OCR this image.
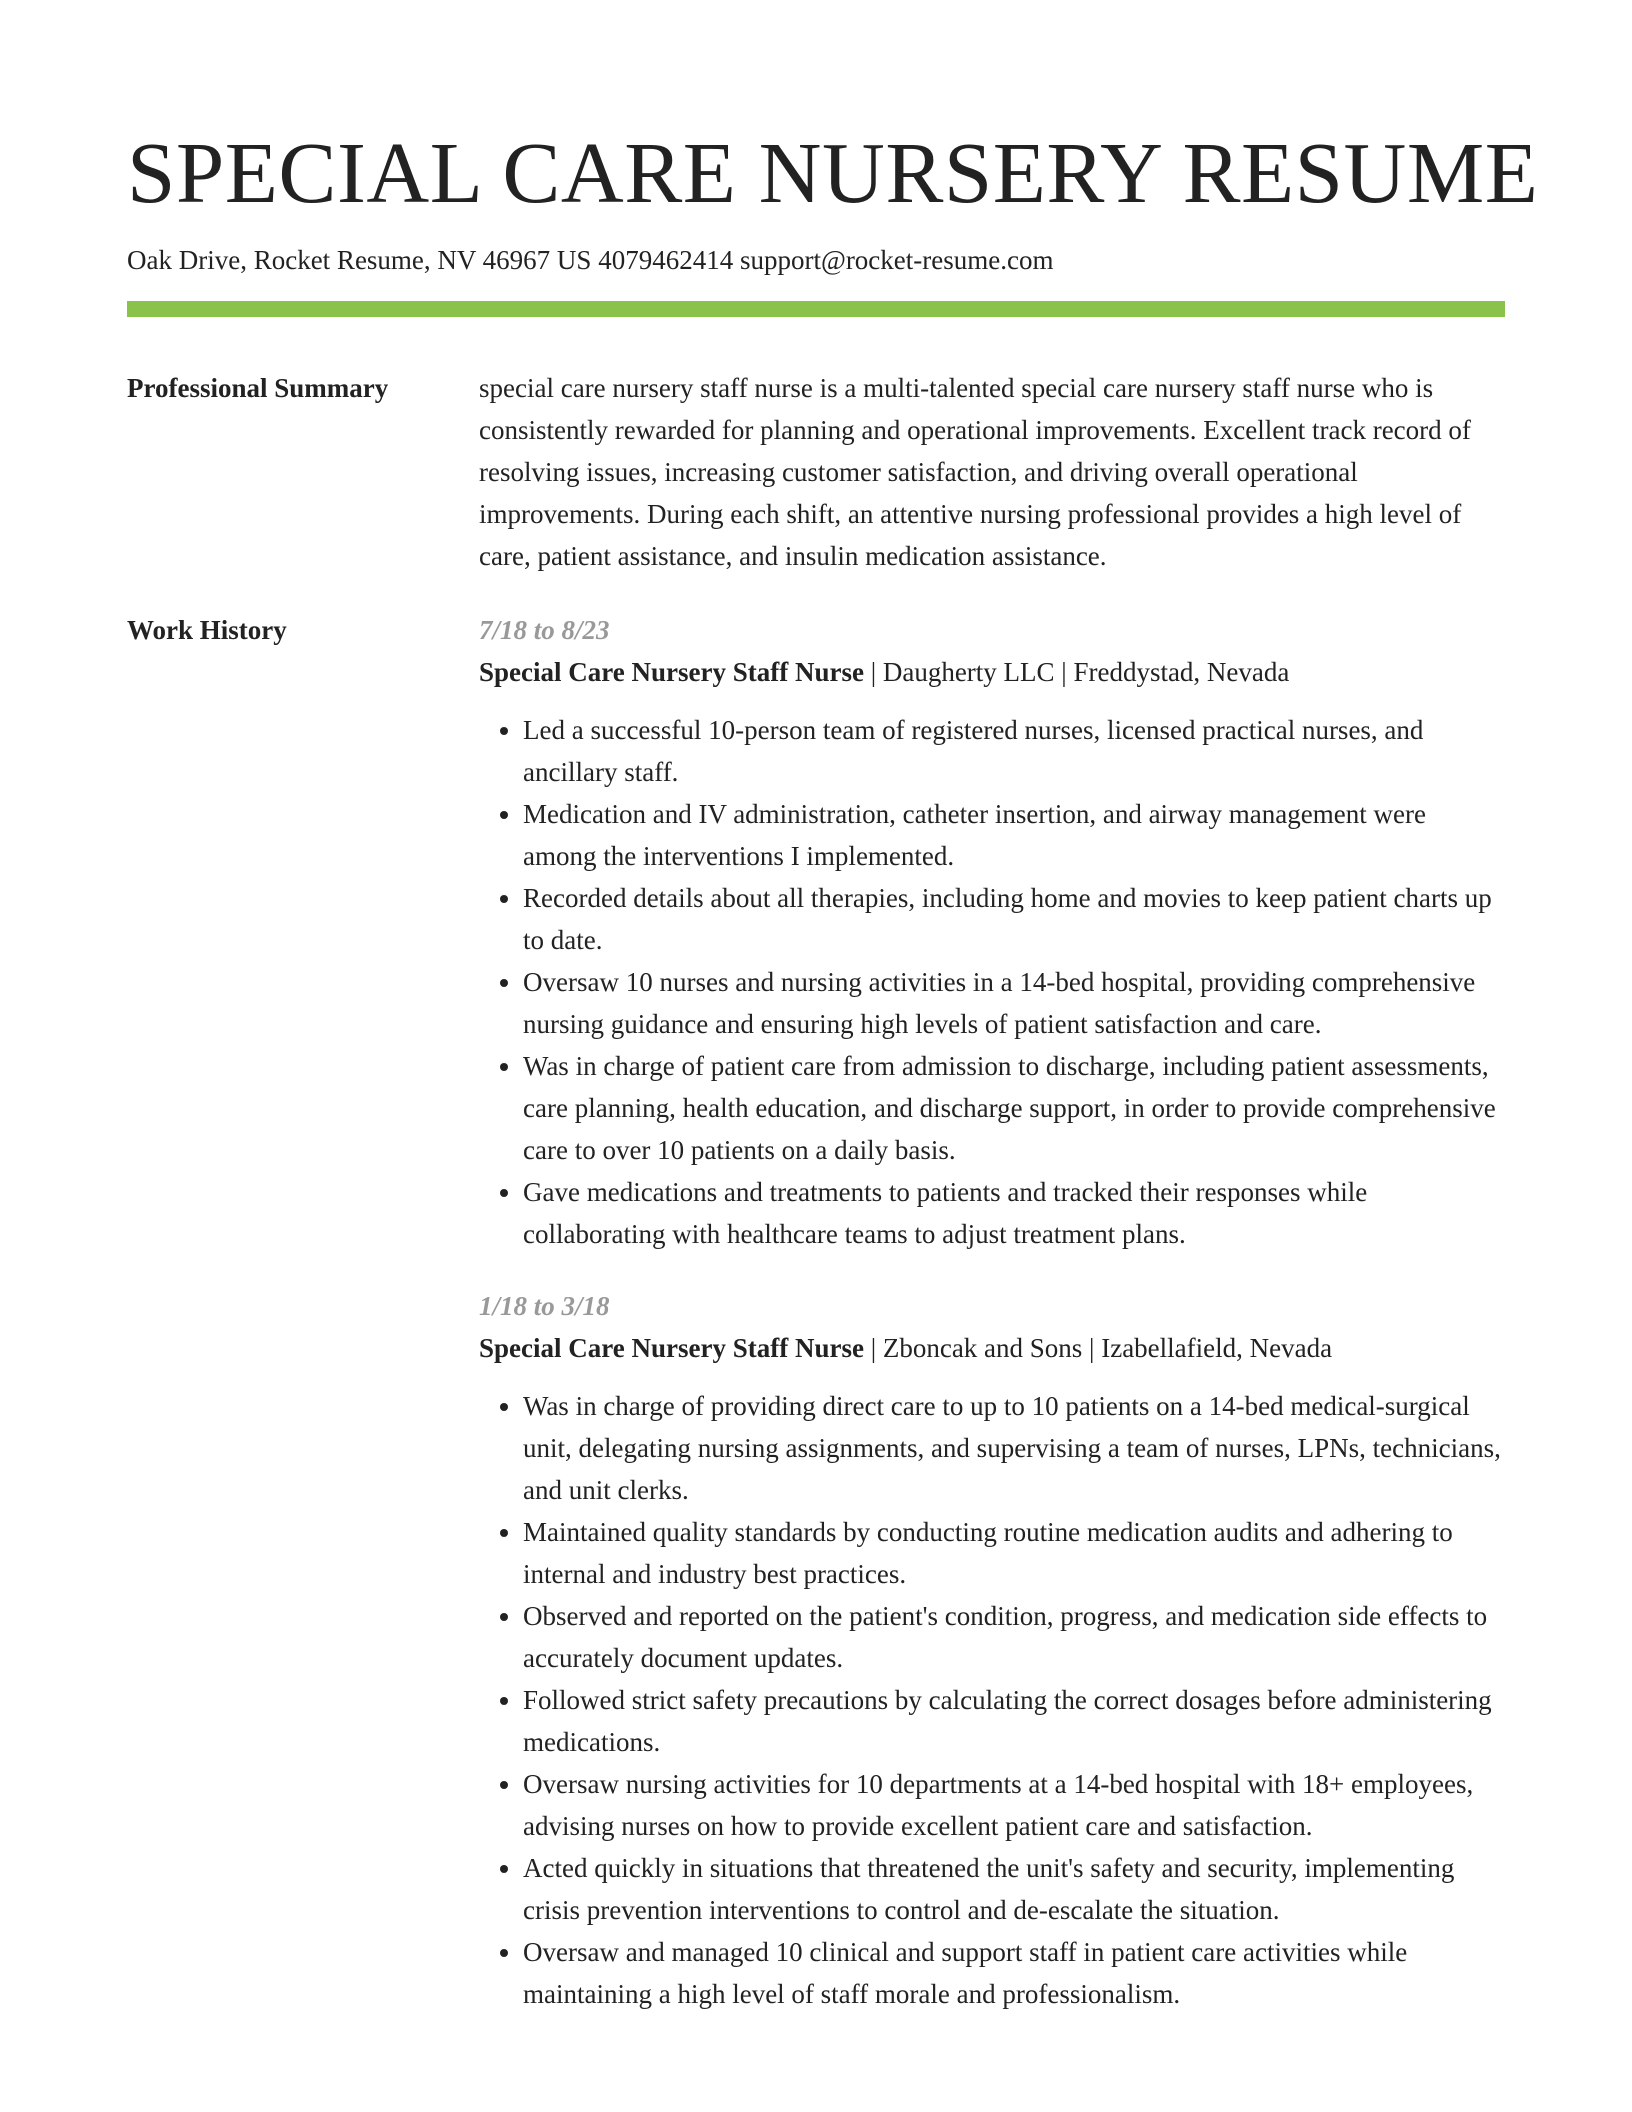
SPECIAL CARE NURSERY RESUME
Oak Drive, Rocket Resume, NV 46967 US 4079462414 support@rocket-resume.com
Professional Summary	special care nursery staff nurse is a multi-talented special care nursery staff nurse who is consistently rewarded for planning and operational improvements. Excellent track record of resolving issues, increasing customer satisfaction, and driving overall operational improvements. During each shift, an attentive nursing professional provides a high level of care, patient assistance, and insulin medication assistance.
Work History	7/18 to 8/23
Special Care Nursery Staff Nurse | Daugherty LLC | Freddystad, Nevada
• Led a successful 10-person team of registered nurses, licensed practical nurses, and ancillary staff.
• Medication and IV administration, catheter insertion, and airway management were among the interventions I implemented.
• Recorded details about all therapies, including home and movies to keep patient charts up to date.
• Oversaw 10 nurses and nursing activities in a 14-bed hospital, providing comprehensive nursing guidance and ensuring high levels of patient satisfaction and care.
• Was in charge of patient care from admission to discharge, including patient assessments, care planning, health education, and discharge support, in order to provide comprehensive care to over 10 patients on a daily basis.
• Gave medications and treatments to patients and tracked their responses while collaborating with healthcare teams to adjust treatment plans.
1/18 to 3/18
Special Care Nursery Staff Nurse | Zboncak and Sons | Izabellafield, Nevada
• Was in charge of providing direct care to up to 10 patients on a 14-bed medical-surgical unit, delegating nursing assignments, and supervising a team of nurses, LPNs, technicians, and unit clerks.
• Maintained quality standards by conducting routine medication audits and adhering to internal and industry best practices.
• Observed and reported on the patient's condition, progress, and medication side effects to accurately document updates.
• Followed strict safety precautions by calculating the correct dosages before administering medications.
• Oversaw nursing activities for 10 departments at a 14-bed hospital with 18+ employees, advising nurses on how to provide excellent patient care and satisfaction.
• Acted quickly in situations that threatened the unit's safety and security, implementing crisis prevention interventions to control and de-escalate the situation.
• Oversaw and managed 10 clinical and support staff in patient care activities while maintaining a high level of staff morale and professionalism.
